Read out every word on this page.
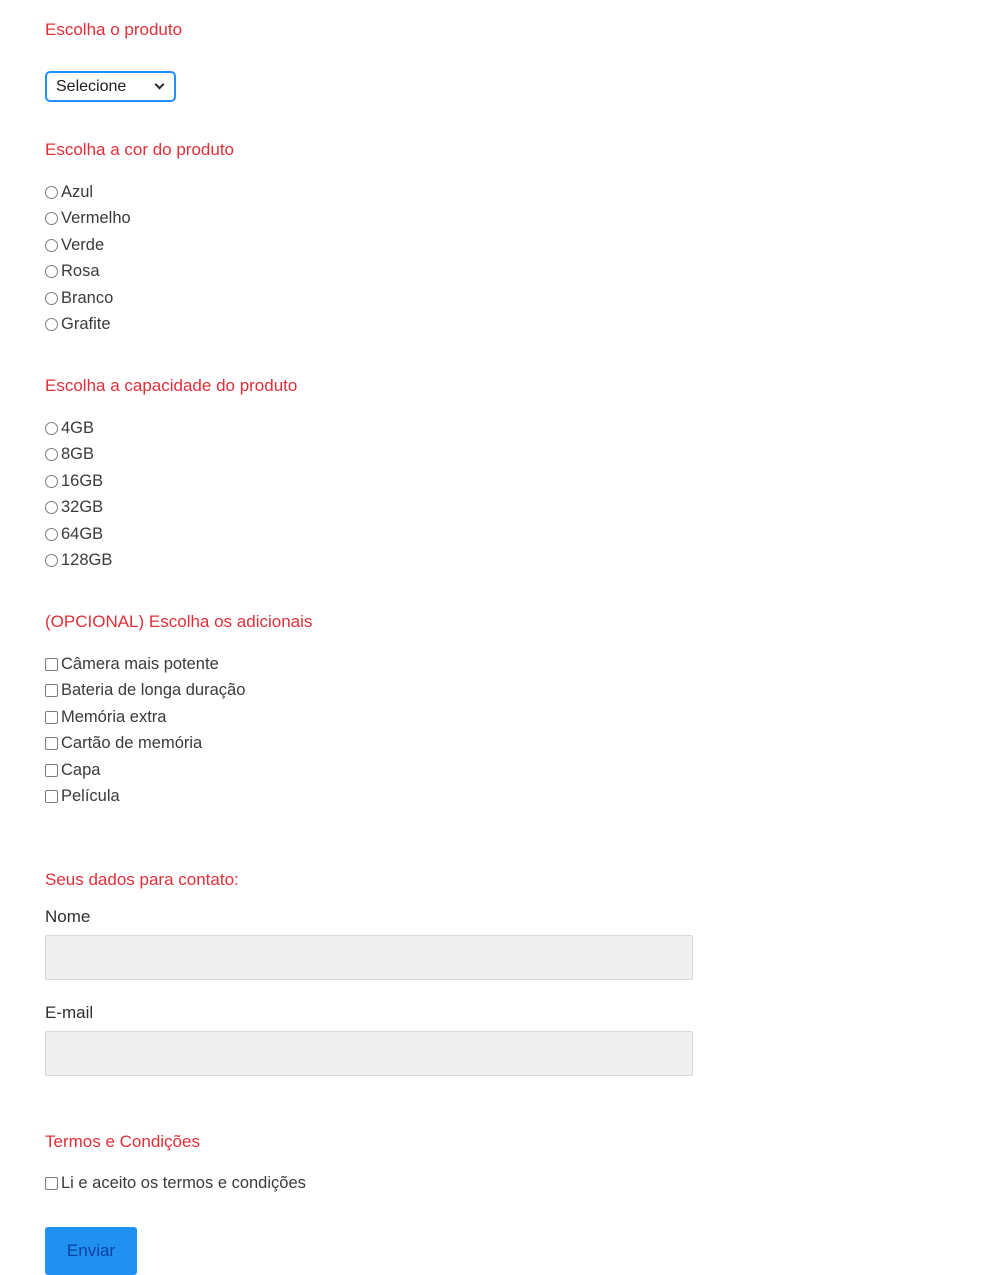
Escolha o produto
Selecione
Escolha a cor do produto
Azul
Vermelho
Verde
Rosa
Branco
Grafite
Escolha a capacidade do produto
4GB
8GB
16GB
32GB
64GB
128GB
(OPCIONAL) Escolha os adicionais
Câmera mais potente
Bateria de longa duração
Memória extra
Cartão de memória
Capa
Película
Seus dados para contato:
Nome
E-mail
Termos e Condições
Li e aceito os termos e condições
Enviar
